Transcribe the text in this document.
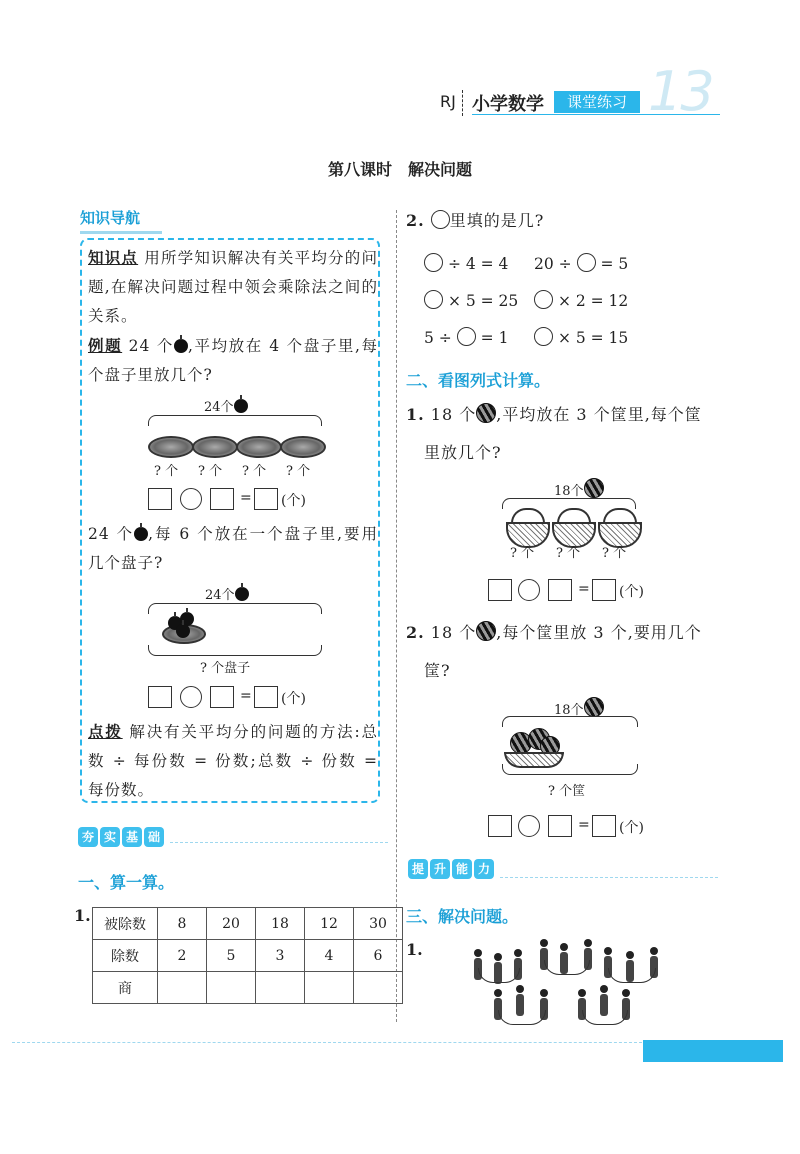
RJ 小学数学	课堂练习 13
第八课时　解决问题
知识导航
知识点 用所学知识解决有关平均分的问题,在解决问题过程中领会乘除法之间的关系。
例题 24 个 ,平均放在 4 个盘子里,每个盘子里放几个?
24个
? 个 ? 个 ? 个 ? 个
= (个)
24 个 ,每 6 个放在一个盘子里,要用几个盘子?
24个
? 个盘子
= (个)
点拨 解决有关平均分的问题的方法:总数 ÷ 每份数 = 份数;总数 ÷ 份数 = 每份数。
夯 实 基 础
一、算一算。
1. 被除数	8	20	18	12	30
除数	2	5	3	4	6
商					
2. 里填的是几?
÷ 4 = 4 20 ÷ = 5
× 5 = 25	× 2 = 12
5 ÷ = 1	× 5 = 15
二、看图列式计算。
1. 18 个 ,平均放在 3 个筐里,每个筐
里放几个?
18个
? 个 ? 个 ? 个
= (个)
2. 18 个 ,每个筐里放 3 个,要用几个
筐?
18个
? 个筐
= (个)
提 升 能 力
三、解决问题。
1.
